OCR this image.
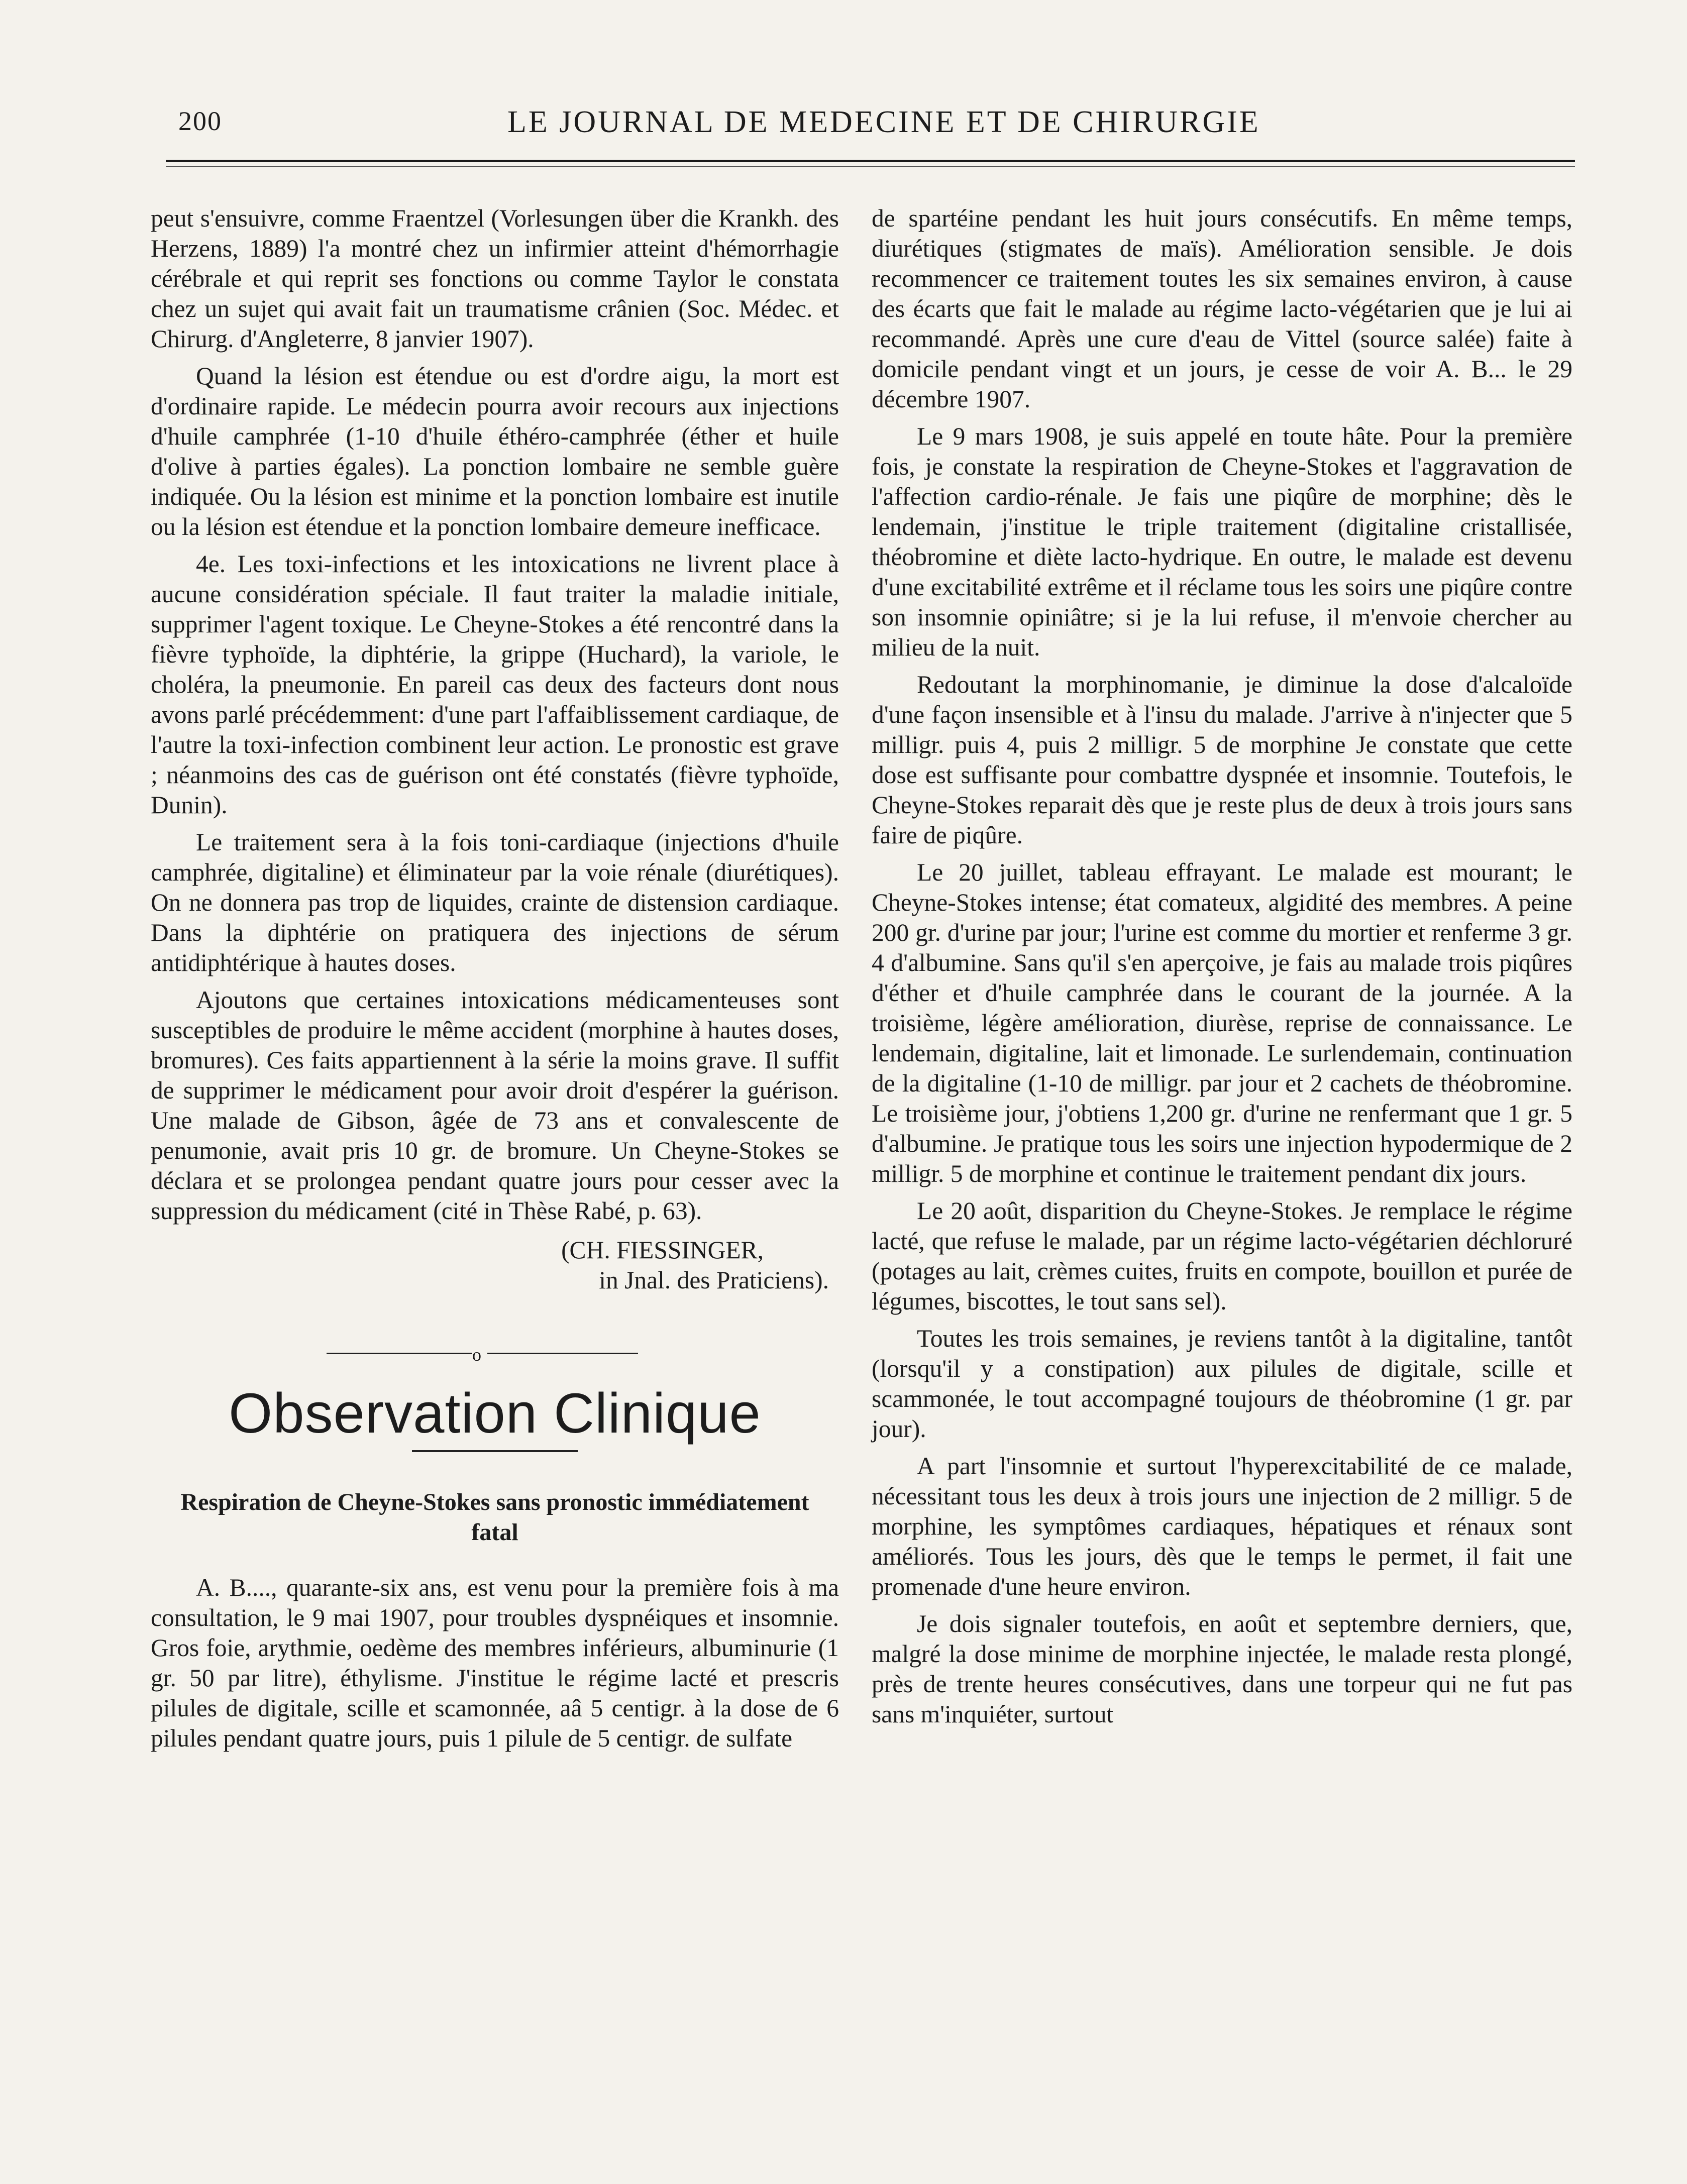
200	LE JOURNAL DE MEDECINE ET DE CHIRURGIE

peut s'ensuivre, comme Fraentzel (Vorlesungen über die Krankh. des Herzens, 1889) l'a montré chez un infirmier atteint d'hémorrhagie cérébrale et qui reprit ses fonctions ou comme Taylor le constata chez un sujet qui avait fait un traumatisme crânien (Soc. Médec. et Chirurg. d'Angleterre, 8 janvier 1907).

Quand la lésion est étendue ou est d'ordre aigu, la mort est d'ordinaire rapide. Le médecin pourra avoir recours aux injections d'huile camphrée (1-10 d'huile éthéro-camphrée (éther et huile d'olive à parties égales). La ponction lombaire ne semble guère indiquée. Ou la lésion est minime et la ponction lombaire est inutile ou la lésion est étendue et la ponction lombaire demeure inefficace.

4e. Les toxi-infections et les intoxications ne livrent place à aucune considération spéciale. Il faut traiter la maladie initiale, supprimer l'agent toxique. Le Cheyne-Stokes a été rencontré dans la fièvre typhoïde, la diphtérie, la grippe (Huchard), la variole, le choléra, la pneumonie. En pareil cas deux des facteurs dont nous avons parlé précédemment: d'une part l'affaiblissement cardiaque, de l'autre la toxi-infection combinent leur action. Le pronostic est grave ; néanmoins des cas de guérison ont été constatés (fièvre typhoïde, Dunin).

Le traitement sera à la fois toni-cardiaque (injections d'huile camphrée, digitaline) et éliminateur par la voie rénale (diurétiques). On ne donnera pas trop de liquides, crainte de distension cardiaque. Dans la diphtérie on pratiquera des injections de sérum antidiphtérique à hautes doses.

Ajoutons que certaines intoxications médicamenteuses sont susceptibles de produire le même accident (morphine à hautes doses, bromures). Ces faits appartiennent à la série la moins grave. Il suffit de supprimer le médicament pour avoir droit d'espérer la guérison. Une malade de Gibson, âgée de 73 ans et convalescente de penumonie, avait pris 10 gr. de bromure. Un Cheyne-Stokes se déclara et se prolongea pendant quatre jours pour cesser avec la suppression du médicament (cité in Thèse Rabé, p. 63).

(CH. FIESSINGER,
in Jnal. des Praticiens).
o
Observation Clinique
Respiration de Cheyne-Stokes sans pronostic immédiatement fatal

A. B...., quarante-six ans, est venu pour la première fois à ma consultation, le 9 mai 1907, pour troubles dyspnéiques et insomnie. Gros foie, arythmie, oedème des membres inférieurs, albuminurie (1 gr. 50 par litre), éthylisme. J'institue le régime lacté et prescris pilules de digitale, scille et scamonnée, aâ 5 centigr. à la dose de 6 pilules pendant quatre jours, puis 1 pilule de 5 centigr. de sulfate

de spartéine pendant les huit jours consécutifs. En même temps, diurétiques (stigmates de maïs). Amélioration sensible. Je dois recommencer ce traitement toutes les six semaines environ, à cause des écarts que fait le malade au régime lacto-végétarien que je lui ai recommandé. Après une cure d'eau de Vittel (source salée) faite à domicile pendant vingt et un jours, je cesse de voir A. B... le 29 décembre 1907.

Le 9 mars 1908, je suis appelé en toute hâte. Pour la première fois, je constate la respiration de Cheyne-Stokes et l'aggravation de l'affection cardio-rénale. Je fais une piqûre de morphine; dès le lendemain, j'institue le triple traitement (digitaline cristallisée, théobromine et diète lacto-hydrique. En outre, le malade est devenu d'une excitabilité extrême et il réclame tous les soirs une piqûre contre son insomnie opiniâtre; si je la lui refuse, il m'envoie chercher au milieu de la nuit.

Redoutant la morphinomanie, je diminue la dose d'alcaloïde d'une façon insensible et à l'insu du malade. J'arrive à n'injecter que 5 milligr. puis 4, puis 2 milligr. 5 de morphine Je constate que cette dose est suffisante pour combattre dyspnée et insomnie. Toutefois, le Cheyne-Stokes reparait dès que je reste plus de deux à trois jours sans faire de piqûre.

Le 20 juillet, tableau effrayant. Le malade est mourant; le Cheyne-Stokes intense; état comateux, algidité des membres. A peine 200 gr. d'urine par jour; l'urine est comme du mortier et renferme 3 gr. 4 d'albumine. Sans qu'il s'en aperçoive, je fais au malade trois piqûres d'éther et d'huile camphrée dans le courant de la journée. A la troisième, légère amélioration, diurèse, reprise de connaissance. Le lendemain, digitaline, lait et limonade. Le surlendemain, continuation de la digitaline (1-10 de milligr. par jour et 2 cachets de théobromine. Le troisième jour, j'obtiens 1,200 gr. d'urine ne renfermant que 1 gr. 5 d'albumine. Je pratique tous les soirs une injection hypodermique de 2 milligr. 5 de morphine et continue le traitement pendant dix jours.

Le 20 août, disparition du Cheyne-Stokes. Je remplace le régime lacté, que refuse le malade, par un régime lacto-végétarien déchloruré (potages au lait, crèmes cuites, fruits en compote, bouillon et purée de légumes, biscottes, le tout sans sel).

Toutes les trois semaines, je reviens tantôt à la digitaline, tantôt (lorsqu'il y a constipation) aux pilules de digitale, scille et scammonée, le tout accompagné toujours de théobromine (1 gr. par jour).

A part l'insomnie et surtout l'hyperexcitabilité de ce malade, nécessitant tous les deux à trois jours une injection de 2 milligr. 5 de morphine, les symptômes cardiaques, hépatiques et rénaux sont améliorés. Tous les jours, dès que le temps le permet, il fait une promenade d'une heure environ.

Je dois signaler toutefois, en août et septembre derniers, que, malgré la dose minime de morphine injectée, le malade resta plongé, près de trente heures consécutives, dans une torpeur qui ne fut pas sans m'inquiéter, surtout
